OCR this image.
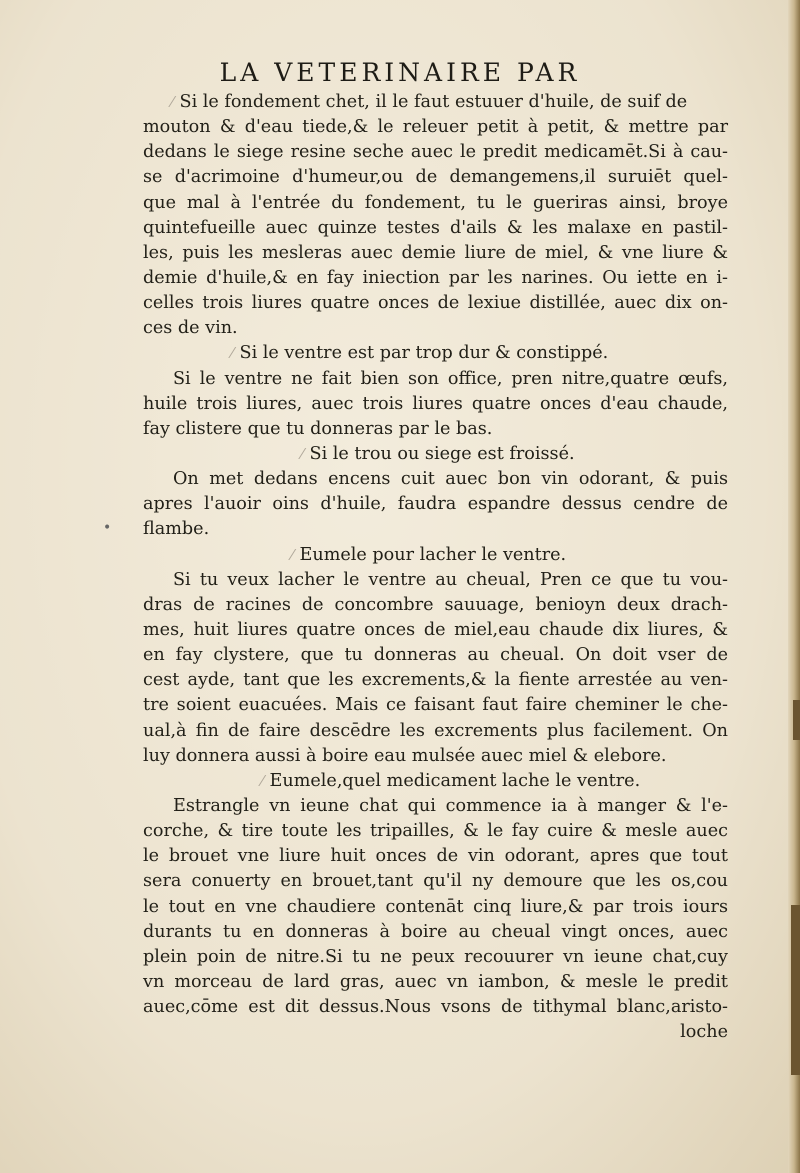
LA VETERINAIRE PAR
•
⁄ Si le fondement chet, il le faut estuuer d'huile, de suif de
mouton & d'eau tiede,& le releuer petit à petit, & mettre par
dedans le siege resine seche auec le predit medicamēt.Si à cau-
se d'acrimoine d'humeur,ou de demangemens,il suruiēt quel-
que mal à l'entrée du fondement, tu le gueriras ainsi, broye
quintefueille auec quinze testes d'ails & les malaxe en pastil-
les, puis les mesleras auec demie liure de miel, & vne liure &
demie d'huile,& en fay iniection par les narines. Ou iette en i-
celles trois liures quatre onces de lexiue distillée, auec dix on-
ces de vin.
⁄ Si le ventre est par trop dur & constippé.
Si le ventre ne fait bien son office, pren nitre,quatre œufs,
huile trois liures, auec trois liures quatre onces d'eau chaude,
fay clistere que tu donneras par le bas.
⁄ Si le trou ou siege est froissé.
On met dedans encens cuit auec bon vin odorant, & puis
apres l'auoir oins d'huile, faudra espandre dessus cendre de
flambe.
⁄ Eumele pour lacher le ventre.
Si tu veux lacher le ventre au cheual, Pren ce que tu vou-
dras de racines de concombre sauuage, benioyn deux drach-
mes, huit liures quatre onces de miel,eau chaude dix liures, &
en fay clystere, que tu donneras au cheual. On doit vser de
cest ayde, tant que les excrements,& la fiente arrestée au ven-
tre soient euacuées. Mais ce faisant faut faire cheminer le che-
ual,à fin de faire descēdre les excrements plus facilement. On
luy donnera aussi à boire eau mulsée auec miel & elebore.
⁄ Eumele,quel medicament lache le ventre.
Estrangle vn ieune chat qui commence ia à manger & l'e-
corche, & tire toute les tripailles, & le fay cuire & mesle auec
le brouet vne liure huit onces de vin odorant, apres que tout
sera conuerty en brouet,tant qu'il ny demoure que les os,cou
le tout en vne chaudiere contenāt cinq liure,& par trois iours
durants tu en donneras à boire au cheual vingt onces, auec
plein poin de nitre.Si tu ne peux recouurer vn ieune chat,cuy
vn morceau de lard gras, auec vn iambon, & mesle le predit
auec,cōme est dit dessus.Nous vsons de tithymal blanc,aristo-
loche
